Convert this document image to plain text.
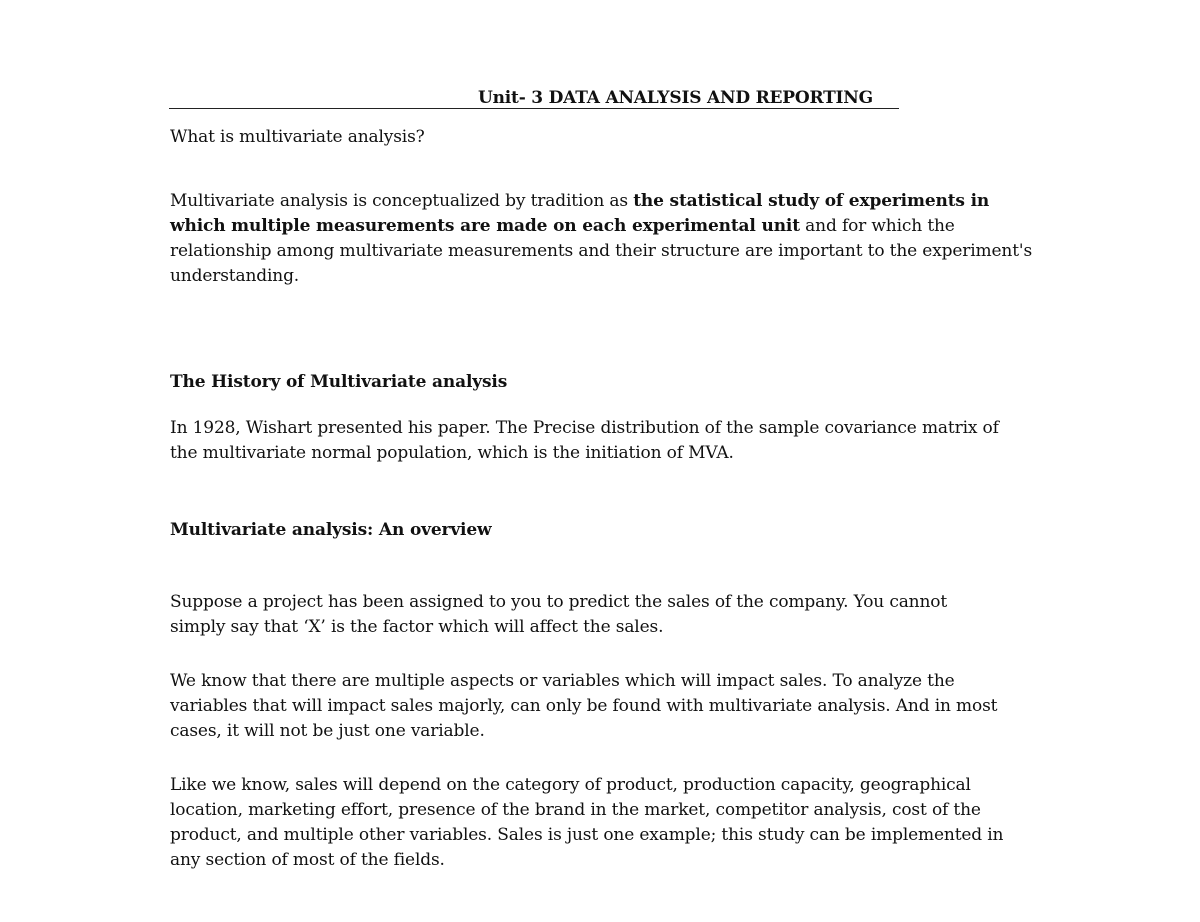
Unit- 3 DATA ANALYSIS AND REPORTING
What is multivariate analysis?
Multivariate analysis is conceptualized by tradition as the statistical study of experiments in which multiple measurements are made on each experimental unit and for which the relationship among multivariate measurements and their structure are important to the experiment's understanding.
The History of Multivariate analysis
In 1928, Wishart presented his paper. The Precise distribution of the sample covariance matrix of the multivariate normal population, which is the initiation of MVA.
Multivariate analysis: An overview
Suppose a project has been assigned to you to predict the sales of the company. You cannot simply say that ‘X’ is the factor which will affect the sales.
We know that there are multiple aspects or variables which will impact sales. To analyze the variables that will impact sales majorly, can only be found with multivariate analysis. And in most cases, it will not be just one variable.
Like we know, sales will depend on the category of product, production capacity, geographical location, marketing effort, presence of the brand in the market, competitor analysis, cost of the product, and multiple other variables. Sales is just one example; this study can be implemented in any section of most of the fields.
